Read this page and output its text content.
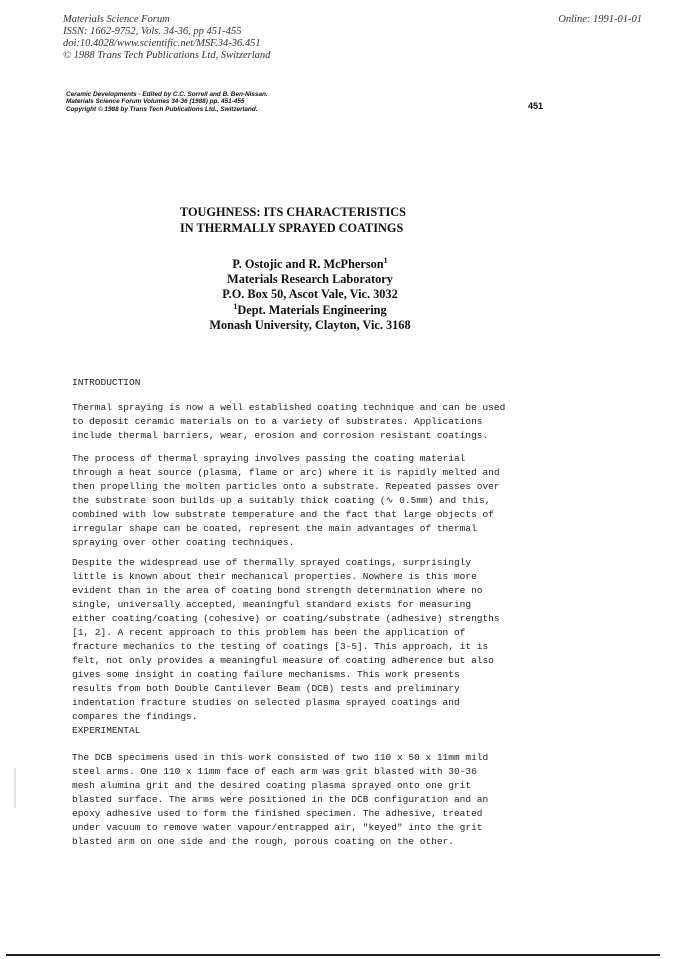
Materials Science Forum
ISSN: 1662-9752, Vols. 34-36, pp 451-455
doi:10.4028/www.scientific.net/MSF.34-36.451
© 1988 Trans Tech Publications Ltd, Switzerland
Online: 1991-01-01
Ceramic Developments - Edited by C.C. Sorrell and B. Ben-Nissan.
Materials Science Forum Volumes 34-36 (1988) pp. 451-455
Copyright © 1988 by Trans Tech Publications Ltd., Switzerland.	451
TOUGHNESS: ITS CHARACTERISTICS
IN THERMALLY SPRAYED COATINGS
P. Ostojic and R. McPherson$^1$
Materials Research Laboratory
P.O. Box 50, Ascot Vale, Vic. 3032
$^1$Dept. Materials Engineering
Monash University, Clayton, Vic. 3168
INTRODUCTION
Thermal spraying is now a well established coating technique and can be used
to deposit ceramic materials on to a variety of substrates. Applications
include thermal barriers, wear, erosion and corrosion resistant coatings.
The process of thermal spraying involves passing the coating material
through a heat source (plasma, flame or arc) where it is rapidly melted and
then propelling the molten particles onto a substrate. Repeated passes over
the substrate soon builds up a suitably thick coating (∿ 0.5mm) and this,
combined with low substrate temperature and the fact that large objects of
irregular shape can be coated, represent the main advantages of thermal
spraying over other coating techniques.
Despite the widespread use of thermally sprayed coatings, surprisingly
little is known about their mechanical properties. Nowhere is this more
evident than in the area of coating bond strength determination where no
single, universally accepted, meaningful standard exists for measuring
either coating/coating (cohesive) or coating/substrate (adhesive) strengths
[1, 2]. A recent approach to this problem has been the application of
fracture mechanics to the testing of coatings [3-5]. This approach, it is
felt, not only provides a meaningful measure of coating adherence but also
gives some insight in coating failure mechanisms. This work presents
results from both Double Cantilever Beam (DCB) tests and preliminary
indentation fracture studies on selected plasma sprayed coatings and
compares the findings.
EXPERIMENTAL
The DCB specimens used in this work consisted of two 110 x 50 x 11mm mild
steel arms. One 110 x 11mm face of each arm was grit blasted with 30-36
mesh alumina grit and the desired coating plasma sprayed onto one grit
blasted surface. The arms were positioned in the DCB configuration and an
epoxy adhesive used to form the finished specimen. The adhesive, treated
under vacuum to remove water vapour/entrapped air, "keyed" into the grit
blasted arm on one side and the rough, porous coating on the other.
